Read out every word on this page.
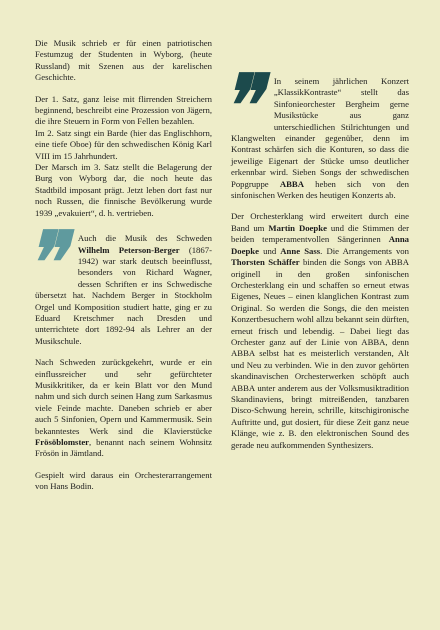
Die Musik schrieb er für einen patriotischen Festumzug der Studenten in Wyborg, (heute Russland) mit Szenen aus der karelischen Geschichte.

Der 1. Satz, ganz leise mit flirrenden Streichern beginnend, beschreibt eine Prozession von Jägern, die ihre Steuern in Form von Fellen bezahlen.

Im 2. Satz singt ein Barde (hier das Englischhorn, eine tiefe Oboe) für den schwedischen König Karl VIII im 15 Jahrhundert.

Der Marsch im 3. Satz stellt die Belagerung der Burg von Wyborg dar, die noch heute das Stadtbild imposant prägt. Jetzt leben dort fast nur noch Russen, die finnische Bevölkerung wurde 1939 „evakuiert“, d. h. vertrieben.

❞
Auch die Musik des Schweden Wilhelm Peterson-Berger (1867-1942) war stark deutsch beeinflusst, besonders von Richard Wagner, dessen Schriften er ins Schwedische übersetzt hat. Nachdem Berger in Stockholm Orgel und Komposition studiert hatte, ging er zu Eduard Kretschmer nach Dresden und unterrichtete dort 1892-94 als Lehrer an der Musikschule.

Nach Schweden zurückgekehrt, wurde er ein einflussreicher und sehr gefürchteter Musikkritiker, da er kein Blatt vor den Mund nahm und sich durch seinen Hang zum Sarkasmus viele Feinde machte. Daneben schrieb er aber auch 5 Sinfonien, Opern und Kammermusik. Sein bekanntestes Werk sind die Klavierstücke Frösöblomster, benannt nach seinem Wohnsitz Frösön in Jämtland.

Gespielt wird daraus ein Orchesterarrangement von Hans Bodin.

❞
In seinem jährlichen Konzert „KlassikKontraste“ stellt das Sinfonieorchester Bergheim gerne Musikstücke aus ganz unterschiedlichen Stilrichtungen und Klangwelten einander gegenüber, denn im Kontrast schärfen sich die Konturen, so dass die jeweilige Eigenart der Stücke umso deutlicher erkennbar wird. Sieben Songs der schwedischen Popgruppe ABBA heben sich von den sinfonischen Werken des heutigen Konzerts ab.

Der Orchesterklang wird erweitert durch eine Band um Martin Doepke und die Stimmen der beiden temperamentvollen Sängerinnen Anna Doepke und Anne Sass. Die Arrangements von Thorsten Schäffer binden die Songs von ABBA originell in den großen sinfonischen Orchesterklang ein und schaffen so erneut etwas Eigenes, Neues – einen klanglichen Kontrast zum Original. So werden die Songs, die den meisten Konzertbesuchern wohl allzu bekannt sein dürften, erneut frisch und lebendig. – Dabei liegt das Orchester ganz auf der Linie von ABBA, denn ABBA selbst hat es meisterlich verstanden, Alt und Neu zu verbinden. Wie in den zuvor gehörten skandinavischen Orchesterwerken schöpft auch ABBA unter anderem aus der Volksmusiktradition Skandinaviens, bringt mitreißenden, tanzbaren Disco-Schwung herein, schrille, kitschigironische Auftritte und, gut dosiert, für diese Zeit ganz neue Klänge, wie z. B. den elektronischen Sound des gerade neu aufkommenden Synthesizers.
